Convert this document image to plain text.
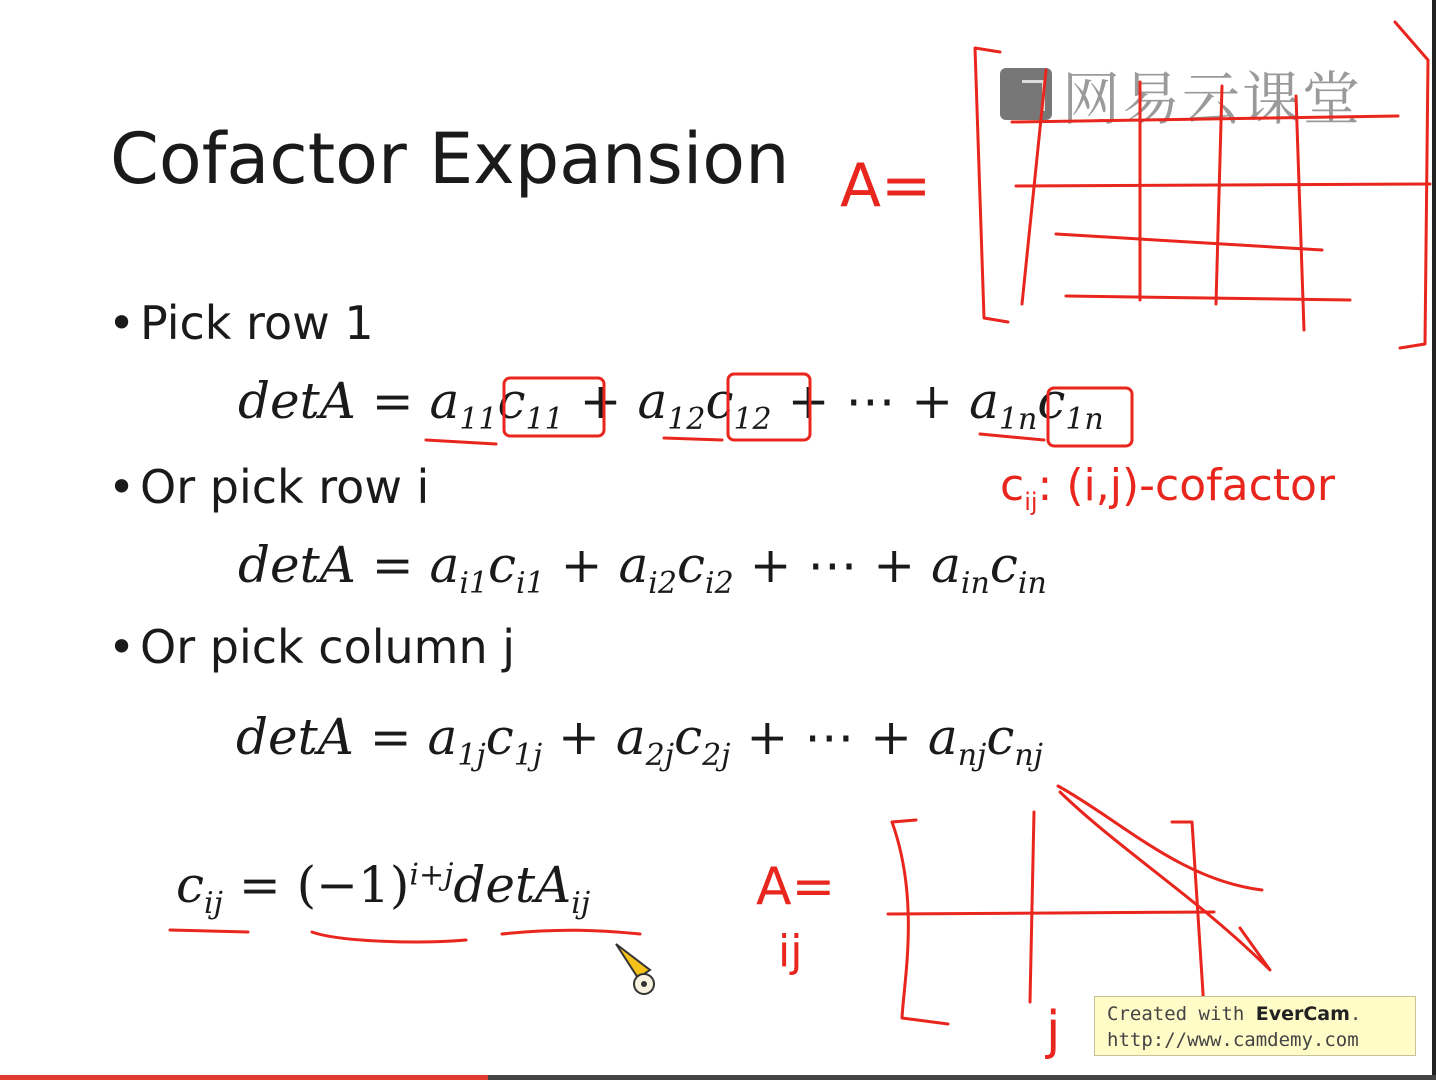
网易云课堂
Cofactor Expansion
• Pick row 1
$\det A = a_{11}c_{11} + a_{12}c_{12}$ + ⋯ + $a_{1n}c_{1n}$
• Or pick row i
$\det A = a_{i1}c_{i1} + a_{i2}c_{i2}$ + ⋯ + $a_{in}c_{in}$
• Or pick column j
$\det A = a_{1j}c_{1j} + a_{2j}c_{2j}$ + ⋯ + $a_{nj}c_{nj}$
$c_{ij} = (-1)^{i+j}\det A_{ij}$
$c_{ij}$: (i,j)-cofactor
A=
A=
ij
j Created with EverCam.
http://www.camdemy.com
